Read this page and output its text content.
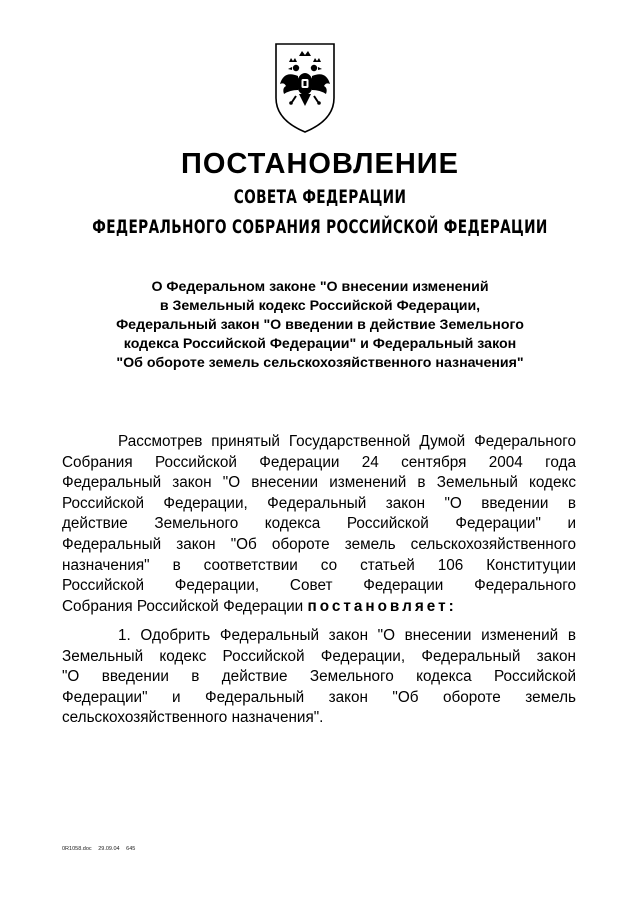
ПОСТАНОВЛЕНИЕ
СОВЕТА ФЕДЕРАЦИИ
ФЕДЕРАЛЬНОГО СОБРАНИЯ РОССИЙСКОЙ ФЕДЕРАЦИИ
О Федеральном законе "О внесении изменений
в Земельный кодекс Российской Федерации,
Федеральный закон "О введении в действие Земельного
кодекса Российской Федерации" и Федеральный закон
"Об обороте земель сельскохозяйственного назначения"
Рассмотрев принятый Государственной Думой Федерального
Собрания Российской Федерации 24 сентября 2004 года
Федеральный закон "О внесении изменений в Земельный кодекс
Российской Федерации, Федеральный закон "О введении в
действие Земельного кодекса Российской Федерации" и
Федеральный закон "Об обороте земель сельскохозяйственного
назначения" в соответствии со статьей 106 Конституции
Российской Федерации, Совет Федерации Федерального
Собрания Российской Федерации постановляет:
1. Одобрить Федеральный закон "О внесении изменений в
Земельный кодекс Российской Федерации, Федеральный закон
"О введении в действие Земельного кодекса Российской
Федерации" и Федеральный закон "Об обороте земель
сельскохозяйственного назначения".
0R1058.doc 29.09.04 645
